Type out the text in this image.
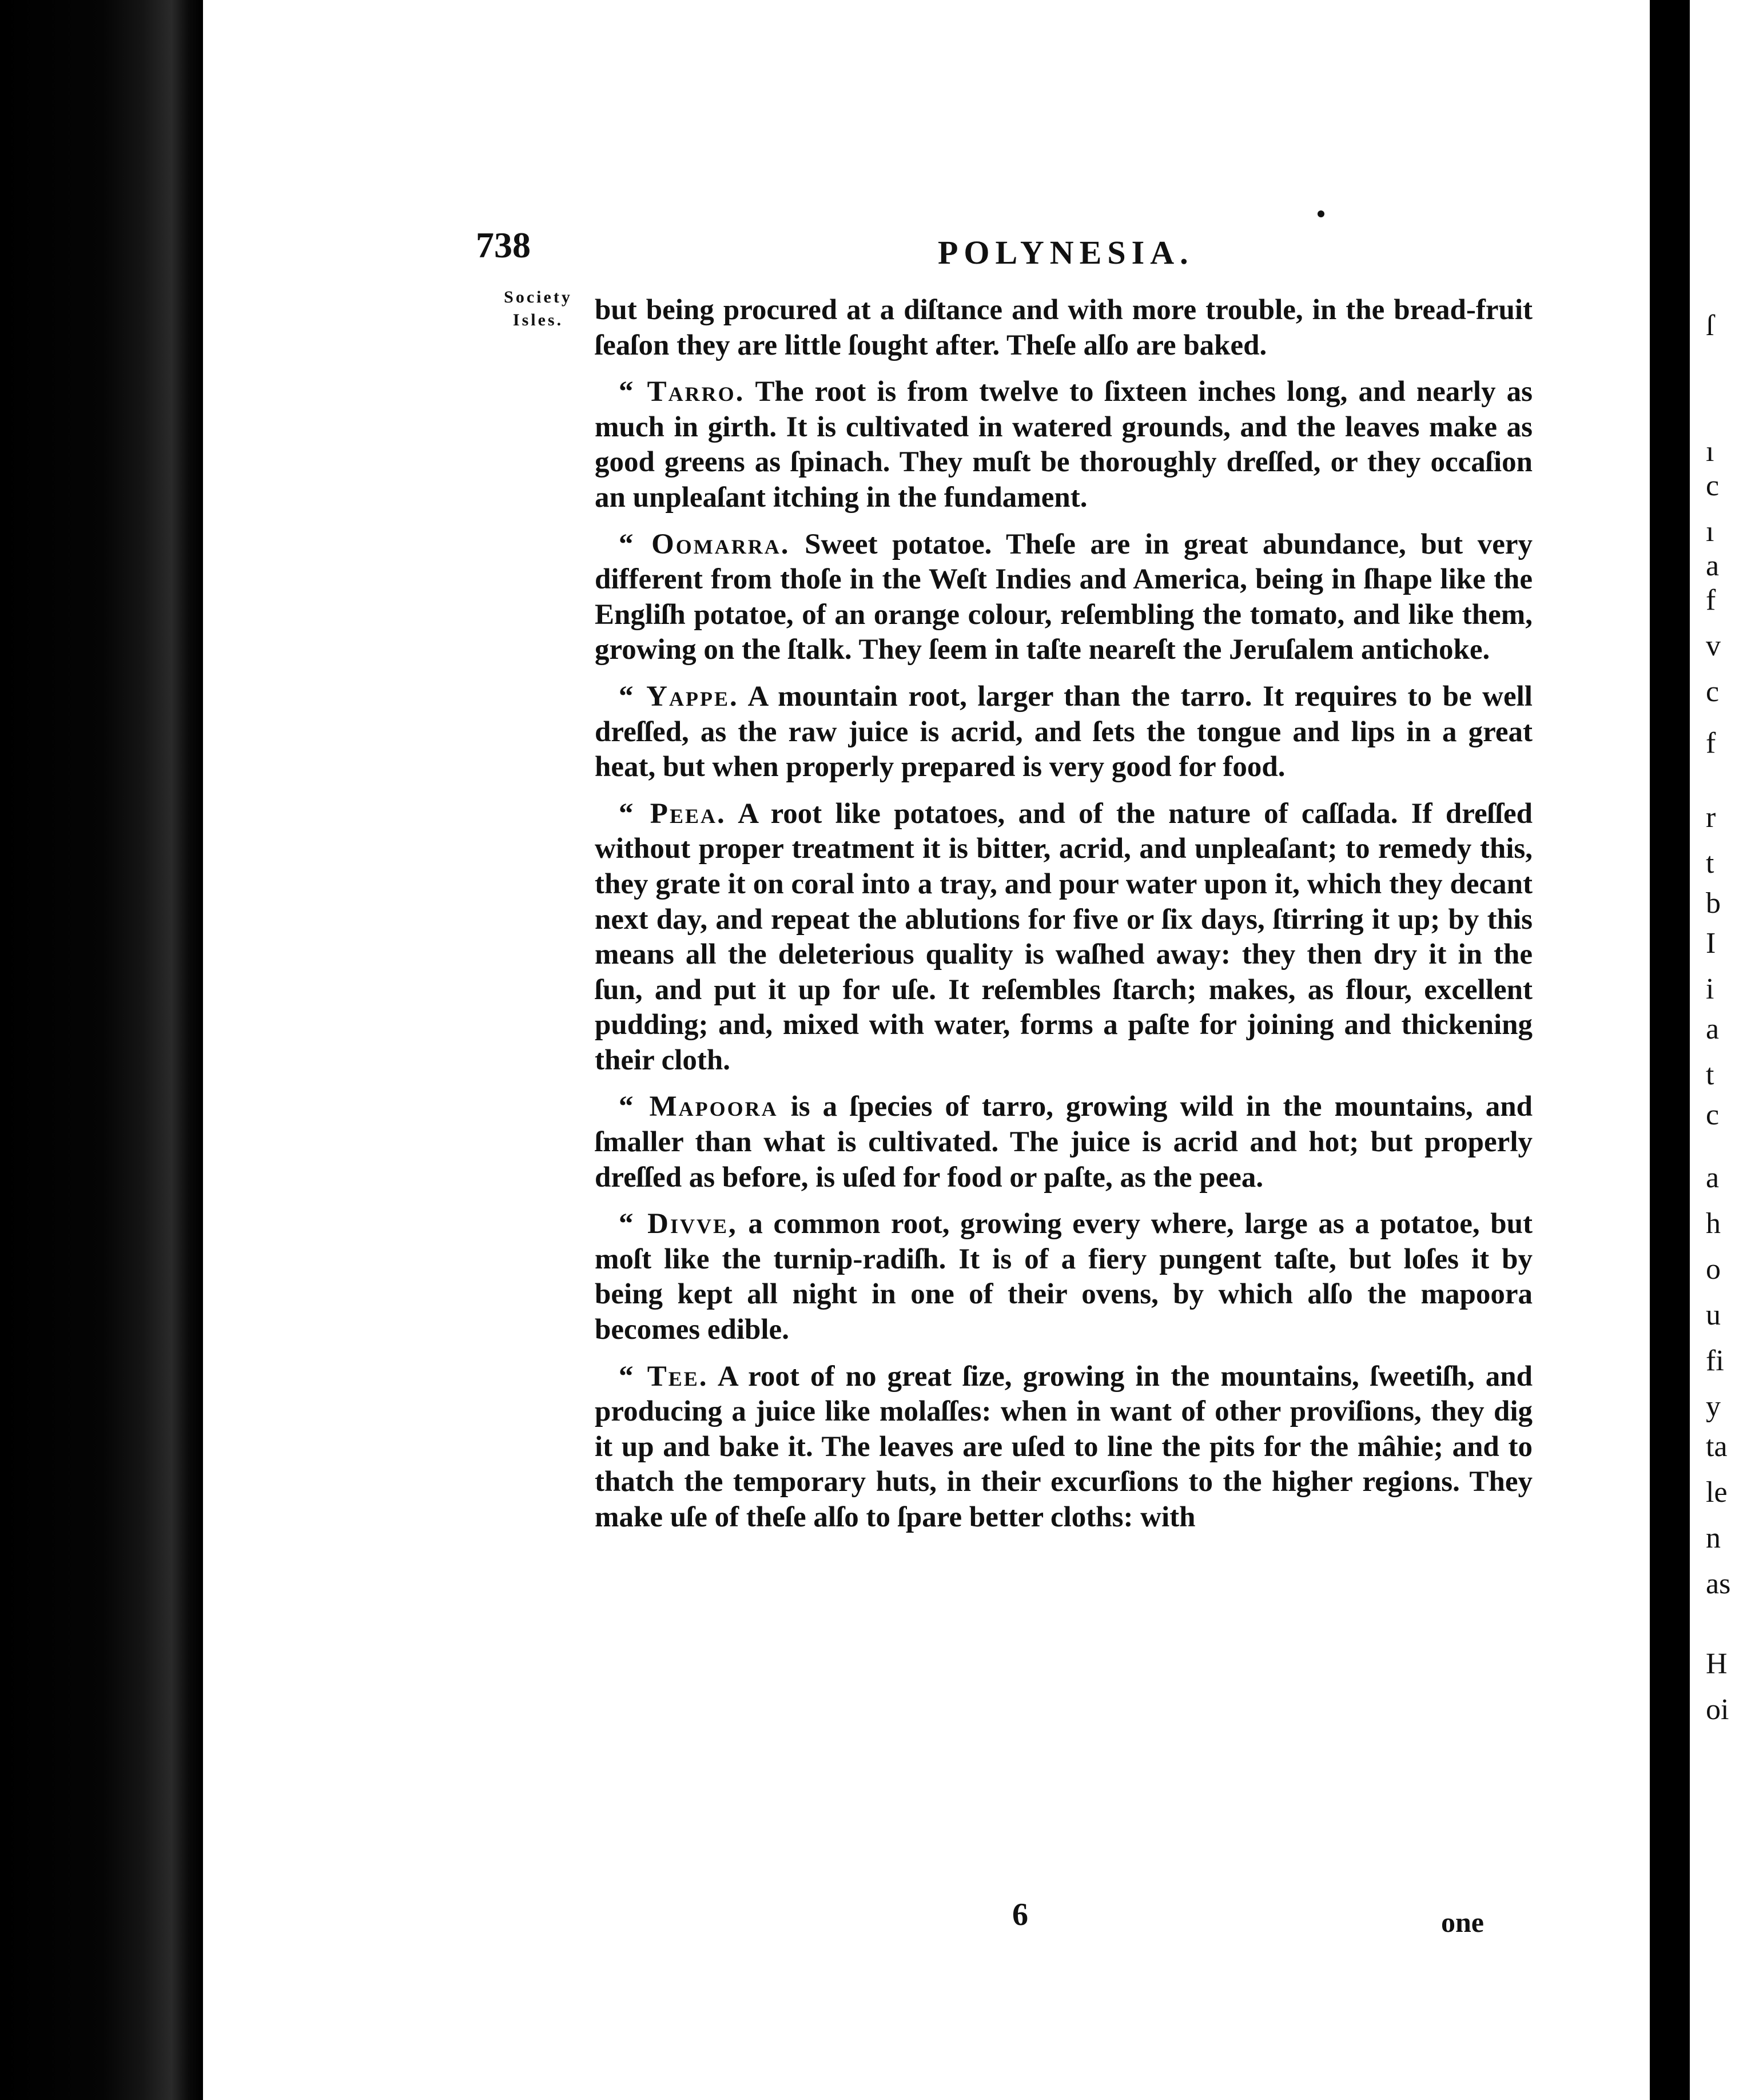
738	POLYNESIA.
Society
Isles.	but being procured at a diſtance and with more trouble, in the bread-fruit ſeaſon they are little ſought after. Theſe alſo are baked.

“ Tarro. The root is from twelve to ſixteen inches long, and nearly as much in girth. It is cultivated in watered grounds, and the leaves make as good greens as ſpinach. They muſt be thoroughly dreſſed, or they occaſion an unpleaſant itching in the fundament.

“ Oomarra. Sweet potatoe. Theſe are in great abundance, but very different from thoſe in the Weſt Indies and America, being in ſhape like the Engliſh potatoe, of an orange colour, reſembling the tomato, and like them, growing on the ſtalk. They ſeem in taſte neareſt the Jeruſalem antichoke.

“ Yappe. A mountain root, larger than the tarro. It requires to be well dreſſed, as the raw juice is acrid, and ſets the tongue and lips in a great heat, but when properly prepared is very good for food.

“ Peea. A root like potatoes, and of the nature of caſſada. If dreſſed without proper treatment it is bitter, acrid, and unpleaſant; to remedy this, they grate it on coral into a tray, and pour water upon it, which they decant next day, and repeat the ablutions for five or ſix days, ſtirring it up; by this means all the deleterious quality is waſhed away: they then dry it in the ſun, and put it up for uſe. It reſembles ſtarch; makes, as flour, excellent pudding; and, mixed with water, forms a paſte for joining and thickening their cloth.

“ Mapoora is a ſpecies of tarro, growing wild in the mountains, and ſmaller than what is cultivated. The juice is acrid and hot; but properly dreſſed as before, is uſed for food or paſte, as the peea.

“ Divve, a common root, growing every where, large as a potatoe, but moſt like the turnip-radiſh. It is of a fiery pungent taſte, but loſes it by being kept all night in one of their ovens, by which alſo the mapoora becomes edible.

“ Tee. A root of no great ſize, growing in the mountains, ſweetiſh, and producing a juice like molaſſes: when in want of other proviſions, they dig it up and bake it. The leaves are uſed to line the pits for the mâhie; and to thatch the temporary huts, in their excurſions to the higher regions. They make uſe of theſe alſo to ſpare better cloths: with

6	one
ſ
ı
c
ı
a
f
v
c
f
r
t
b
I
i
a
t
c
a
h
o
u
fi
y
ta
le
n
as
H
oi
